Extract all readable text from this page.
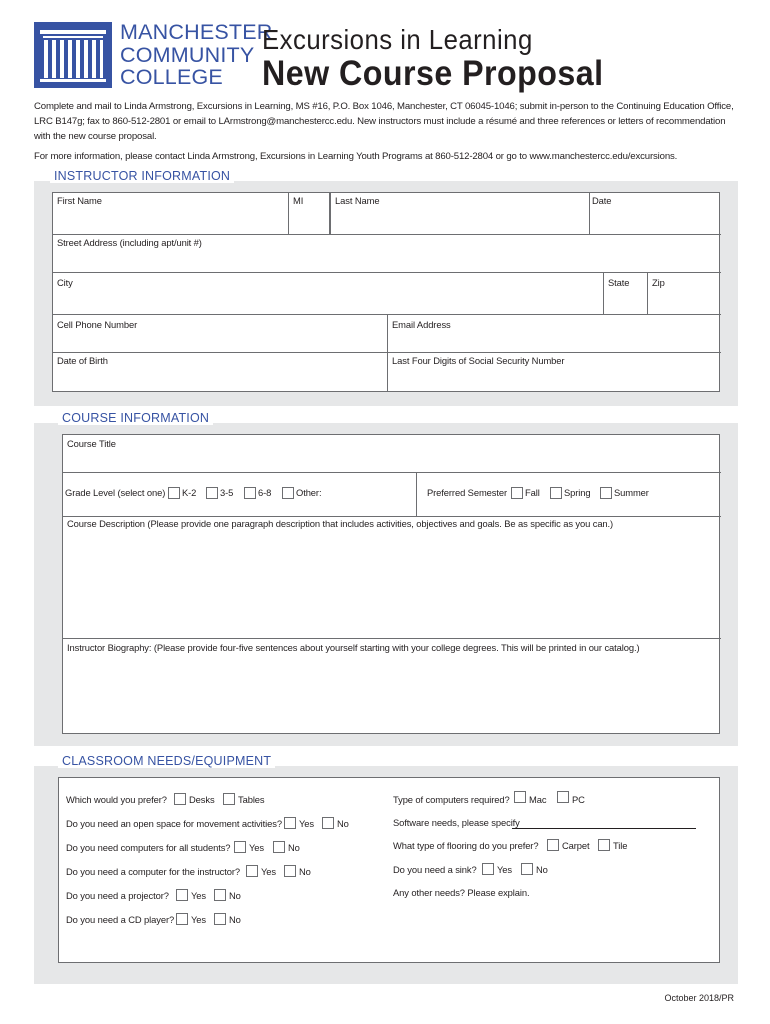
MANCHESTER
COMMUNITY
COLLEGE
Excursions in Learning
New Course Proposal
Complete and mail to Linda Armstrong, Excursions in Learning, MS #16, P.O. Box 1046, Manchester, CT 06045-1046; submit in-person to the Continuing Education Office, LRC B147g; fax to 860-512-2801 or email to LArmstrong@manchestercc.edu. New instructors must include a résumé and three references or letters of recommendation with the new course proposal.
For more information, please contact Linda Armstrong, Excursions in Learning Youth Programs at 860-512-2804 or go to www.manchestercc.edu/excursions.
INSTRUCTOR INFORMATION
First Name	MI	Last Name	Date
Street Address (including apt/unit #)
City	State Zip
Cell Phone Number	Email Address
Date of Birth	Last Four Digits of Social Security Number
COURSE INFORMATION
Course Title
Grade Level (select one) K-2	3-5	6-8	Other:	Preferred Semester Fall	Spring	Summer
Course Description (Please provide one paragraph description that includes activities, objectives and goals. Be as specific as you can.)
Instructor Biography: (Please provide four-five sentences about yourself starting with your college degrees. This will be printed in our catalog.)
CLASSROOM NEEDS/EQUIPMENT
Which would you prefer? Desks Tables
Do you need an open space for movement activities? Yes No
Do you need computers for all students? Yes	No
Do you need a computer for the instructor? Yes No
Do you need a projector? Yes No
Do you need a CD player? Yes No
Type of computers required? Mac	PC
Software needs, please specify
What type of flooring do you prefer?	Carpet Tile
Do you need a sink? Yes	No
Any other needs? Please explain.
October 2018/PR
